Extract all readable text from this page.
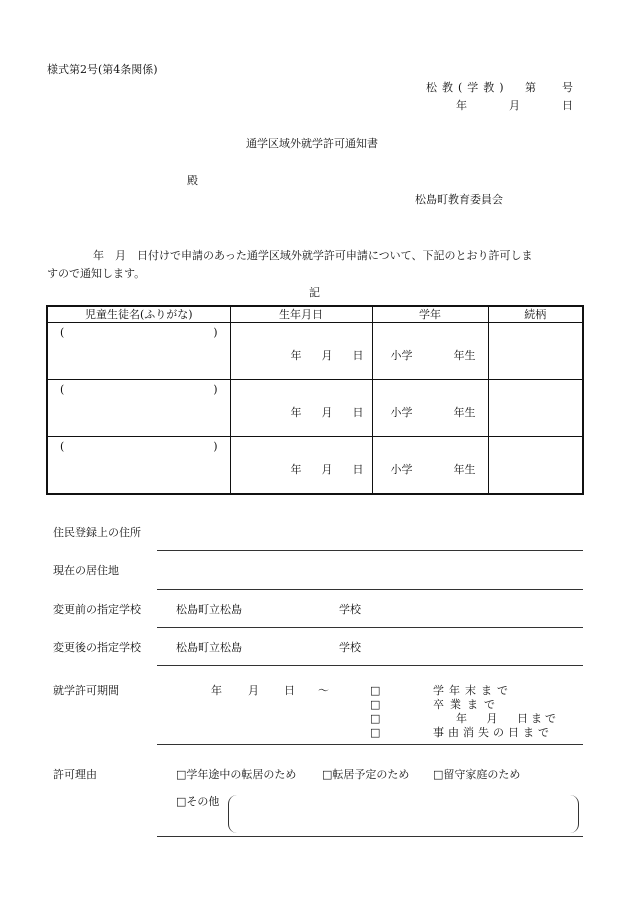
様式第2号(第4条関係)
松教(学教) 第 号
年	月	日
通学区域外就学許可通知書
殿
松島町教育委員会
年　月　日付けで申請のあった通学区域外就学許可申請について、下記のとおり許可しま
すので通知します。
記
児童生徒名(ふりがな)	生年月日	学年	続柄

( )	年 月 日	小学 年生	

( )	年 月 日	小学 年生	

( )	年 月 日	小学 年生	

住民登録上の住所
現在の居住地
変更前の指定学校	松島町立松島	学校
変更後の指定学校	松島町立松島	学校
就学許可期間	年 月 日 ～	□	学年末まで
□	卒業まで
□	年 月 日まで
□	事由消失の日まで
許可理由	□学年途中の転居のため □転居予定のため □留守家庭のため
□その他
